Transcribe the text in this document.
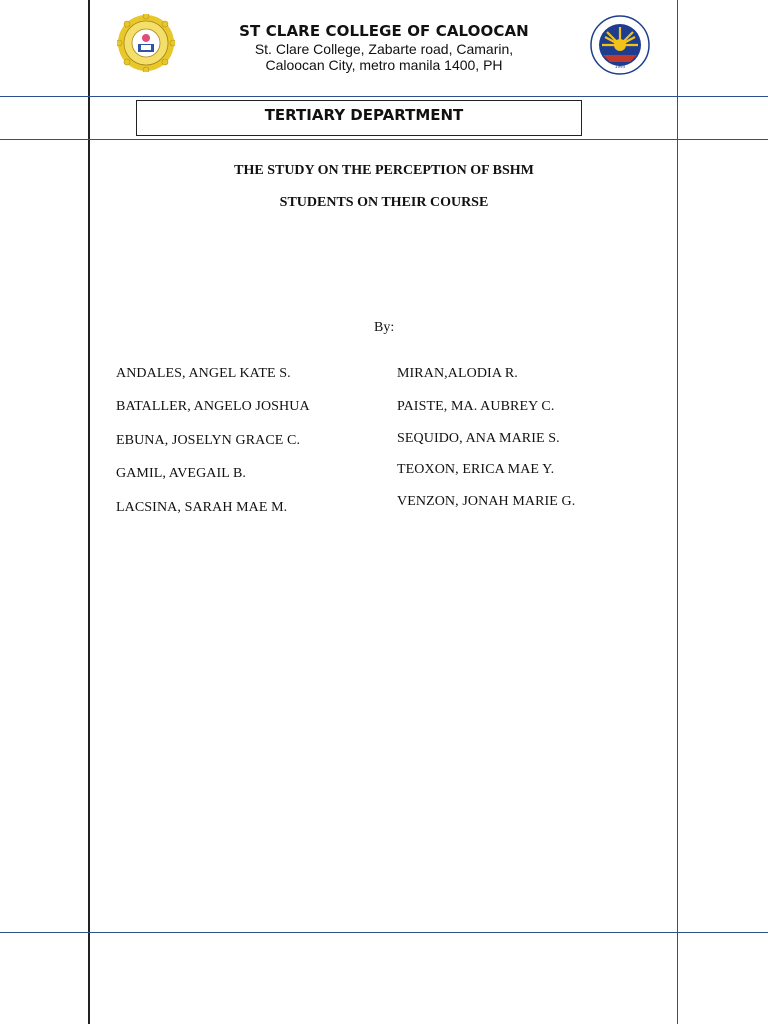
1994
ST CLARE COLLEGE OF CALOOCAN
St. Clare College, Zabarte road, Camarin,
Caloocan City, metro manila 1400, PH
TERTIARY DEPARTMENT
THE STUDY ON THE PERCEPTION OF BSHM
STUDENTS ON THEIR COURSE
By:
ANDALES, ANGEL KATE S.
BATALLER, ANGELO JOSHUA
EBUNA, JOSELYN GRACE C.
GAMIL, AVEGAIL B.
LACSINA, SARAH MAE M.
MIRAN,ALODIA R.
PAISTE, MA. AUBREY C.
SEQUIDO, ANA MARIE S.
TEOXON, ERICA MAE Y.
VENZON, JONAH MARIE G.
